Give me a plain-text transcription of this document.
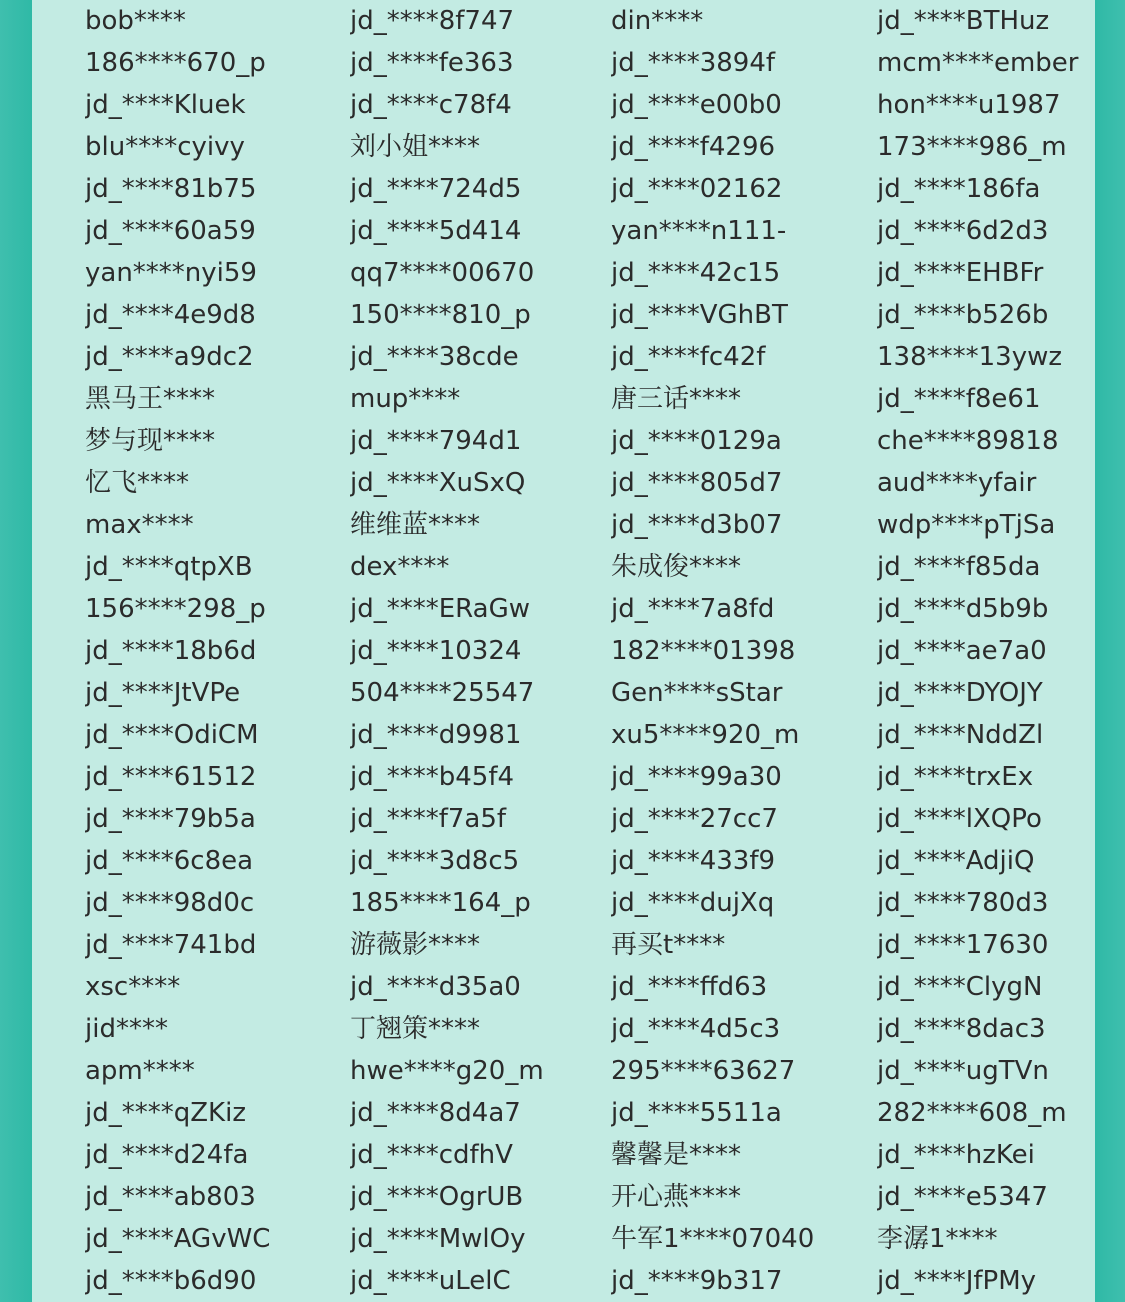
bob****	jd_****8f747	din****	jd_****BTHuz
186****670_p	jd_****fe363	jd_****3894f	mcm****ember
jd_****Kluek	jd_****c78f4	jd_****e00b0	hon****u1987
blu****cyivy	刘小姐****	jd_****f4296	173****986_m
jd_****81b75	jd_****724d5	jd_****02162	jd_****186fa
jd_****60a59	jd_****5d414	yan****n111-	jd_****6d2d3
yan****nyi59	qq7****00670	jd_****42c15	jd_****EHBFr
jd_****4e9d8	150****810_p	jd_****VGhBT	jd_****b526b
jd_****a9dc2	jd_****38cde	jd_****fc42f	138****13ywz
黑马王****	mup****	唐三话****	jd_****f8e61
梦与现****	jd_****794d1	jd_****0129a	che****89818
忆飞****	jd_****XuSxQ	jd_****805d7	aud****yfair
max****	维维蓝****	jd_****d3b07	wdp****pTjSa
jd_****qtpXB	dex****	朱成俊****	jd_****f85da
156****298_p	jd_****ERaGw	jd_****7a8fd	jd_****d5b9b
jd_****18b6d	jd_****10324	182****01398	jd_****ae7a0
jd_****JtVPe	504****25547	Gen****sStar	jd_****DYOJY
jd_****OdiCM	jd_****d9981	xu5****920_m	jd_****NddZl
jd_****61512	jd_****b45f4	jd_****99a30	jd_****trxEx
jd_****79b5a	jd_****f7a5f	jd_****27cc7	jd_****lXQPo
jd_****6c8ea	jd_****3d8c5	jd_****433f9	jd_****AdjiQ
jd_****98d0c	185****164_p	jd_****dujXq	jd_****780d3
jd_****741bd	游薇影****	再买t****	jd_****17630
xsc****	jd_****d35a0	jd_****ffd63	jd_****ClygN
jid****	丁翘策****	jd_****4d5c3	jd_****8dac3
apm****	hwe****g20_m	295****63627	jd_****ugTVn
jd_****qZKiz	jd_****8d4a7	jd_****5511a	282****608_m
jd_****d24fa	jd_****cdfhV	馨馨是****	jd_****hzKei
jd_****ab803	jd_****OgrUB	开心燕****	jd_****e5347
jd_****AGvWC	jd_****MwlOy	牛军1****07040	李潺1****
jd_****b6d90	jd_****uLelC	jd_****9b317	jd_****JfPMy
